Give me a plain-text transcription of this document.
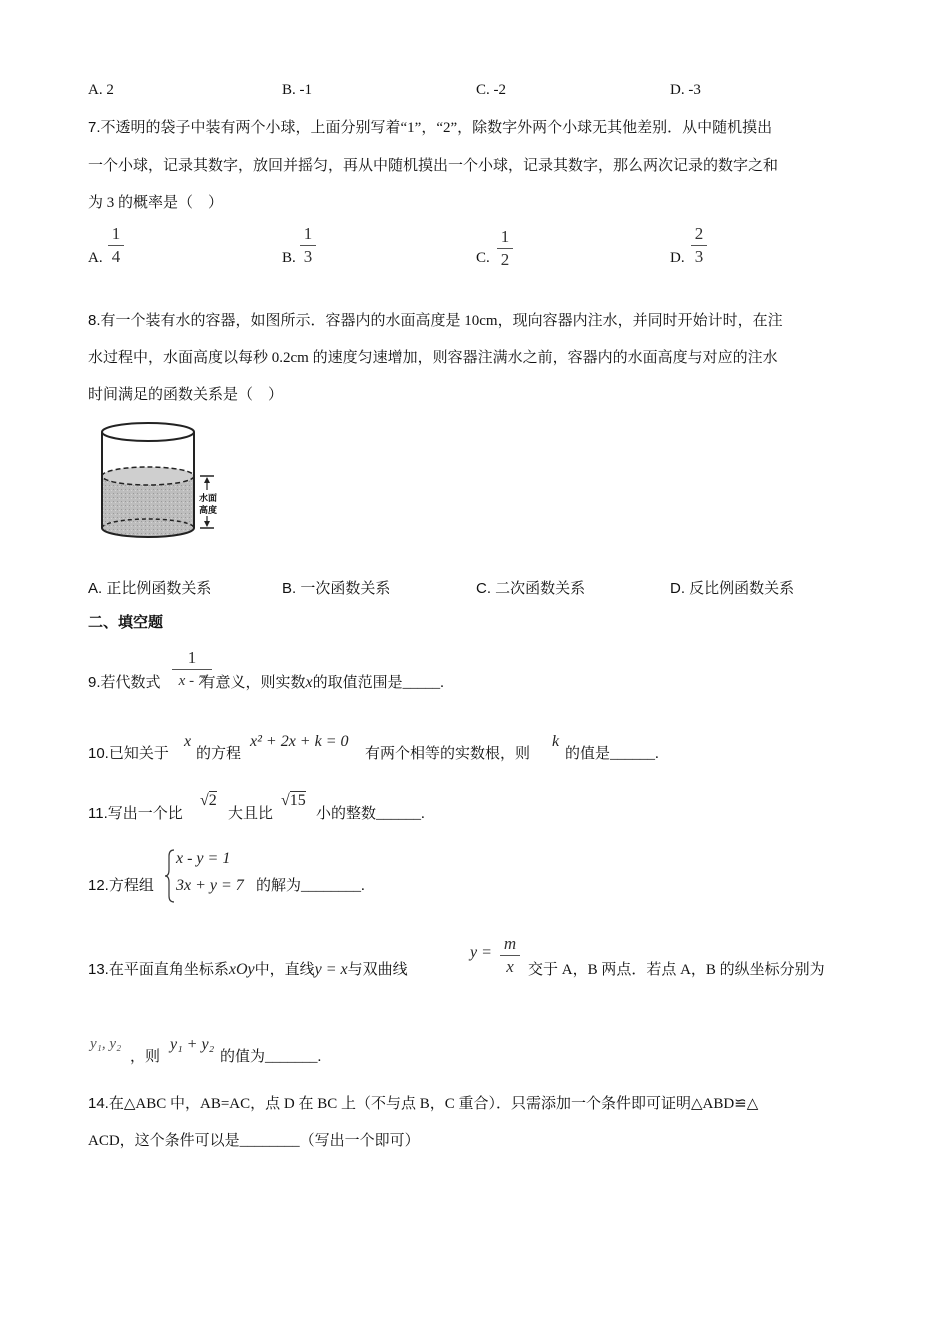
A. 2	B. -1	C. -2	D. -3
7.不透明的袋子中装有两个小球，上面分别写着“1”，“2”，除数字外两个小球无其他差别．从中随机摸出
一个小球，记录其数字，放回并摇匀，再从中随机摸出一个小球，记录其数字，那么两次记录的数字之和
为 3 的概率是（　）
A.
1
4	B.
1
3	C.
1
2	D.
2
3
8.有一个装有水的容器，如图所示．容器内的水面高度是 10cm，现向容器内注水，并同时开始计时，在注
水过程中，水面高度以每秒 0.2cm 的速度匀速增加，则容器注满水之前，容器内的水面高度与对应的注水
时间满足的函数关系是（　）
水面
高度
A. 正比例函数关系	B. 一次函数关系	C. 二次函数关系	D. 反比例函数关系
二、填空题
9.若代数式	有意义，则实数x的取值范围是_____.
1
x - 7
10.已知关于
x
的方程
x² + 2x + k = 0
有两个相等的实数根，则
k
的值是______.
11.写出一个比
√2
大且比
√15
小的整数______.
12.方程组
x - y = 1
3x + y = 7 的解为________.
13.在平面直角坐标系xOy中，直线y = x与双曲线
y = m
x 交于 A，B 两点．若点 A，B 的纵坐标分别为
y₁, y₂
，则
y₁ + y₂
的值为_______.
14.在△ABC 中，AB=AC，点 D 在 BC 上（不与点 B，C 重合）．只需添加一个条件即可证明△ABD≌△
ACD，这个条件可以是________（写出一个即可）
